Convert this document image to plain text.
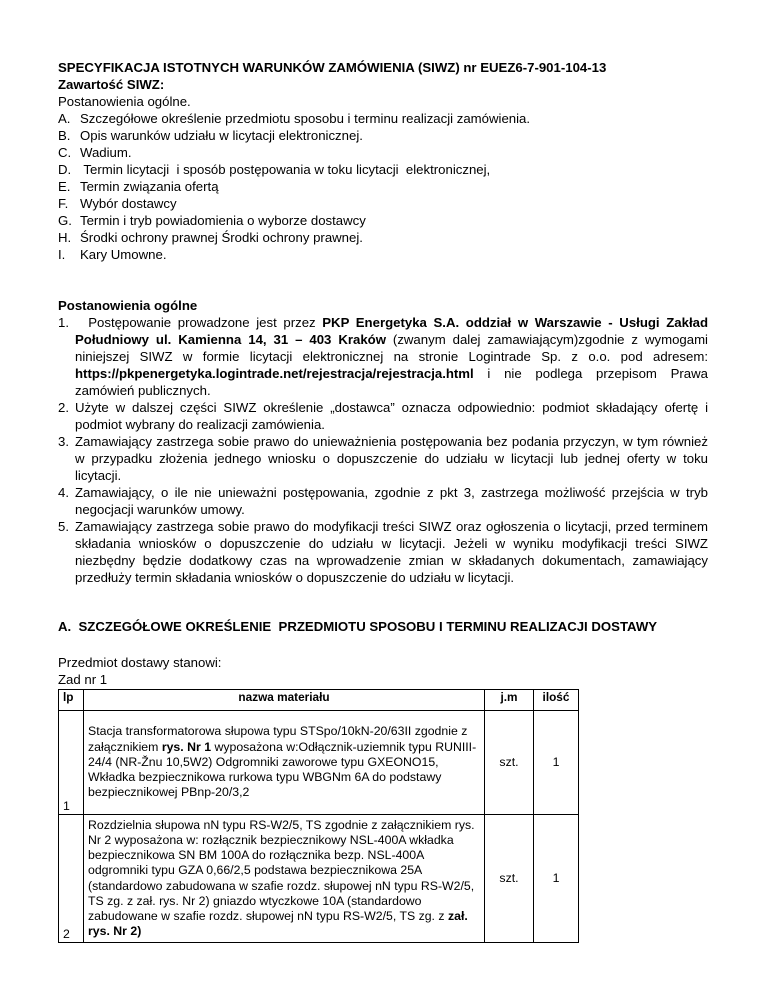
SPECYFIKACJA ISTOTNYCH WARUNKÓW ZAMÓWIENIA (SIWZ) nr EUEZ6-7-901-104-13

Zawartość SIWZ:

Postanowienia ogólne.

A. Szczegółowe określenie przedmiotu sposobu i terminu realizacji zamówienia.
B. Opis warunków udziału w licytacji elektronicznej.
C. Wadium.
D. Termin licytacji  i sposób postępowania w toku licytacji  elektronicznej,
E. Termin związania ofertą
F. Wybór dostawcy
G. Termin i tryb powiadomienia o wyborze dostawcy
H. Środki ochrony prawnej Środki ochrony prawnej.
I.	Kary Umowne.

Postanowienia ogólne

1. Postępowanie prowadzone jest przez PKP Energetyka S.A. oddział w Warszawie - Usługi Zakład Południowy ul. Kamienna 14, 31 – 403 Kraków (zwanym dalej zamawiającym)zgodnie z wymogami niniejszej SIWZ w formie licytacji elektronicznej na stronie Logintrade Sp. z o.o. pod adresem: https://pkpenergetyka.logintrade.net/rejestracja/rejestracja.html i nie podlega przepisom Prawa zamówień publicznych.
2. Użyte w dalszej części SIWZ określenie „dostawca” oznacza odpowiednio: podmiot składający ofertę i podmiot wybrany do realizacji zamówienia.
3. Zamawiający zastrzega sobie prawo do unieważnienia postępowania bez podania przyczyn, w tym również w przypadku złożenia jednego wniosku o dopuszczenie do udziału w licytacji lub jednej oferty w toku licytacji.
4. Zamawiający, o ile nie unieważni postępowania, zgodnie z pkt 3, zastrzega możliwość przejścia w tryb negocjacji warunków umowy.
5. Zamawiający zastrzega sobie prawo do modyfikacji treści SIWZ oraz ogłoszenia o licytacji, przed terminem składania wniosków o dopuszczenie do udziału w licytacji. Jeżeli w wyniku modyfikacji treści SIWZ niezbędny będzie dodatkowy czas na wprowadzenie zmian w składanych dokumentach, zamawiający przedłuży termin składania wniosków o dopuszczenie do udziału w licytacji.

A.  SZCZEGÓŁOWE OKREŚLENIE  PRZEDMIOTU SPOSOBU I TERMINU REALIZACJI DOSTAWY

Przedmiot dostawy stanowi:

Zad nr 1

lp	nazwa materiału	j.m	ilość
1	Stacja transformatorowa słupowa typu STSpo/10kN-20/63II zgodnie z załącznikiem rys. Nr 1 wyposażona w:Odłącznik-uziemnik typu RUNIII-24/4 (NR-Žnu 10,5W2) Odgromniki zaworowe typu GXEONO15, Wkładka bezpiecznikowa rurkowa typu WBGNm 6A do podstawy bezpiecznikowej PBnp-20/3,2	szt.	1
2	Rozdzielnia słupowa nN typu RS-W2/5, TS zgodnie z załącznikiem rys. Nr 2 wyposażona w: rozłącznik bezpiecznikowy NSL-400A wkładka bezpiecznikowa SN BM 100A do rozłącznika bezp. NSL-400A odgromniki typu GZA 0,66/2,5 podstawa bezpiecznikowa 25A (standardowo zabudowana w szafie rozdz. słupowej nN typu RS-W2/5, TS zg. z zał. rys. Nr 2) gniazdo wtyczkowe 10A (standardowo zabudowane w szafie rozdz. słupowej nN typu RS-W2/5, TS zg. z zał. rys. Nr 2)	szt.	1
